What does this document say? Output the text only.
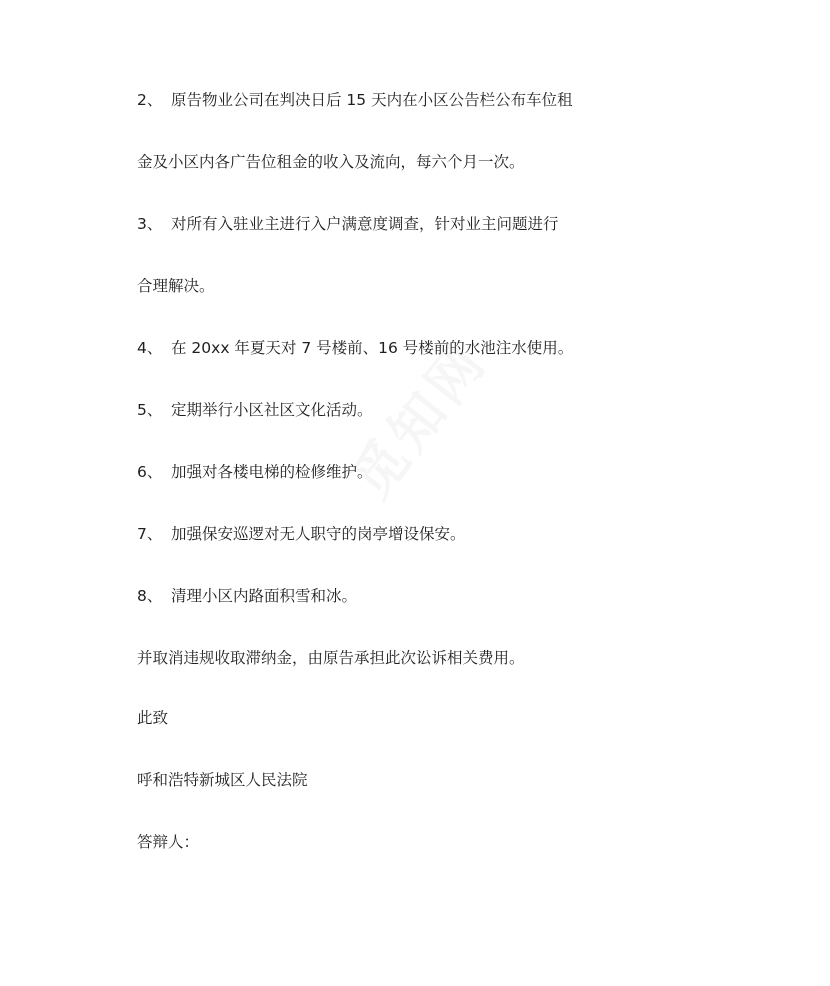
2、 原告物业公司在判决日后 15 天内在小区公告栏公布车位租
金及小区内各广告位租金的收入及流向，每六个月一次。
3、 对所有入驻业主进行入户满意度调查，针对业主问题进行
合理解决。
4、 在 20xx 年夏天对 7 号楼前、16 号楼前的水池注水使用。
5、 定期举行小区社区文化活动。
6、 加强对各楼电梯的检修维护。
7、 加强保安巡逻对无人职守的岗亭增设保安。
8、 清理小区内路面积雪和冰。
并取消违规收取滞纳金，由原告承担此次讼诉相关费用。
此致
呼和浩特新城区人民法院
答辩人：
